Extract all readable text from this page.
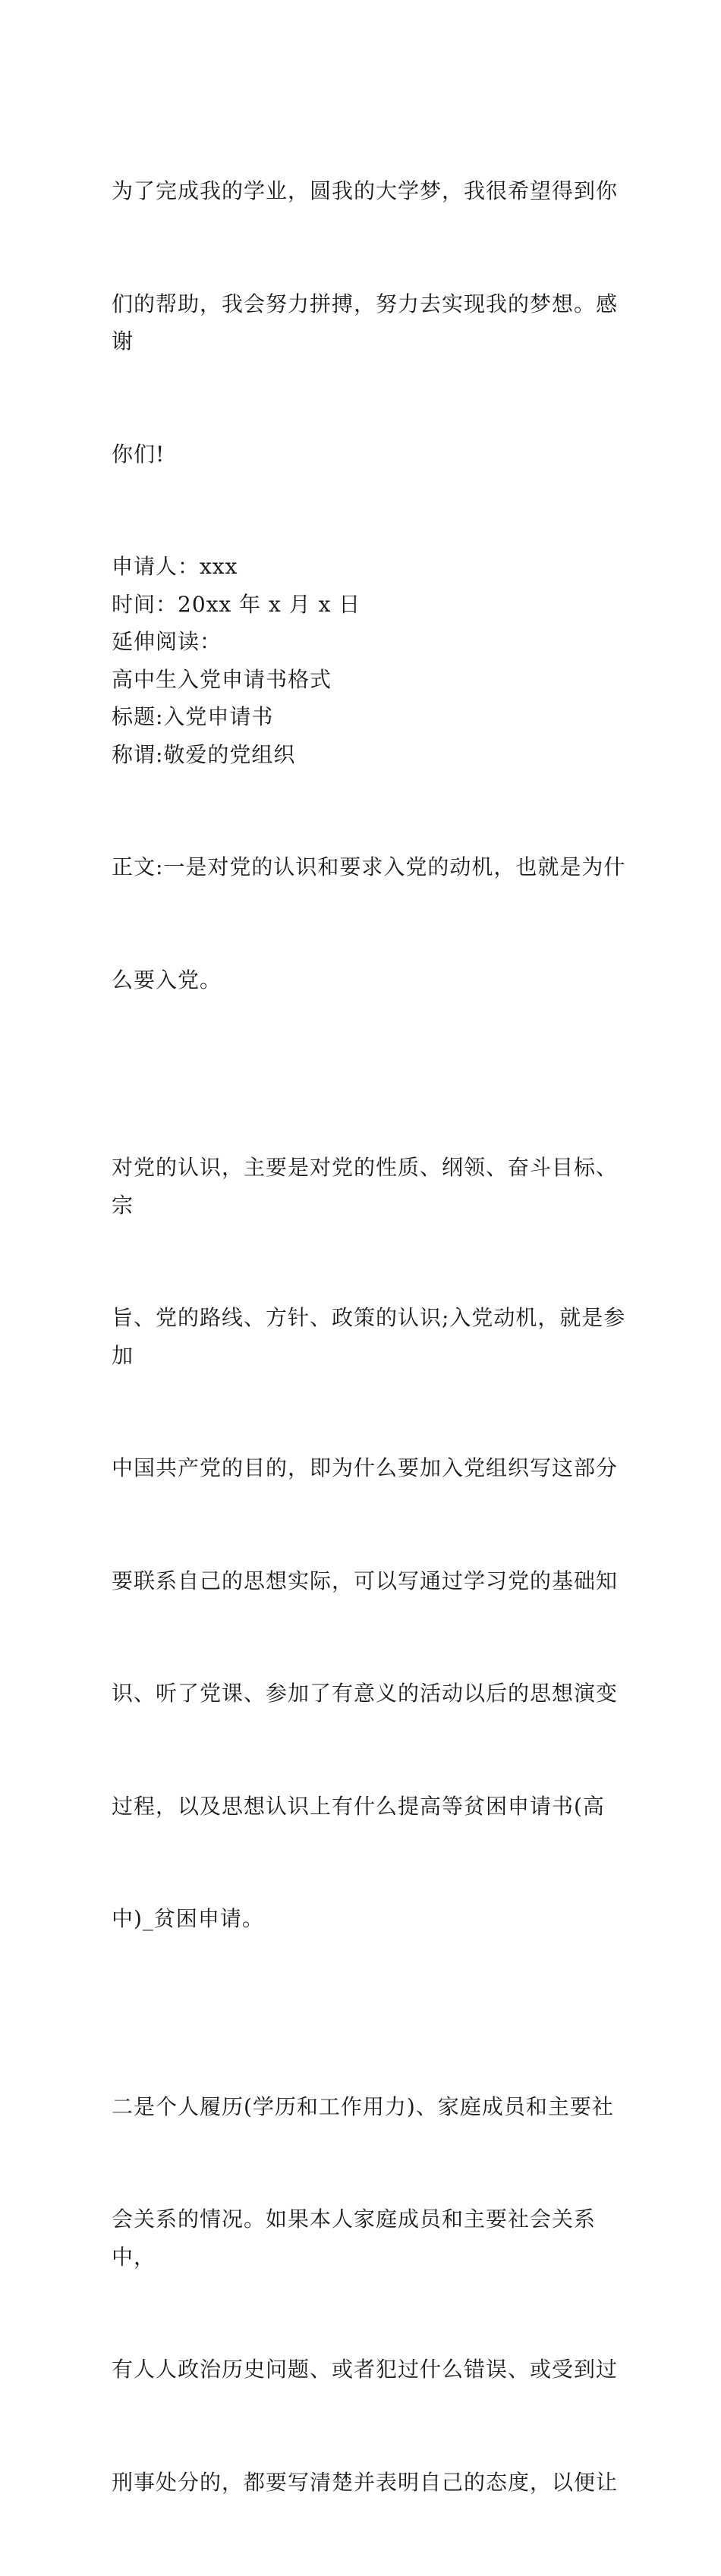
为了完成我的学业，圆我的大学梦，我很希望得到你

们的帮助，我会努力拼搏，努力去实现我的梦想。感谢

你们!

申请人：xxx
时间：20xx 年 x 月 x 日
延伸阅读：
高中生入党申请书格式
标题:入党申请书
称谓:敬爱的党组织

正文:一是对党的认识和要求入党的动机，也就是为什

么要入党。

对党的认识，主要是对党的性质、纲领、奋斗目标、宗

旨、党的路线、方针、政策的认识;入党动机，就是参加

中国共产党的目的，即为什么要加入党组织写这部分

要联系自己的思想实际，可以写通过学习党的基础知

识、听了党课、参加了有意义的活动以后的思想演变

过程，以及思想认识上有什么提高等贫困申请书(高

中)_贫困申请。

二是个人履历(学历和工作用力)、家庭成员和主要社

会关系的情况。如果本人家庭成员和主要社会关系中，

有人人政治历史问题、或者犯过什么错误、或受到过

刑事处分的，都要写清楚并表明自己的态度，以便让
